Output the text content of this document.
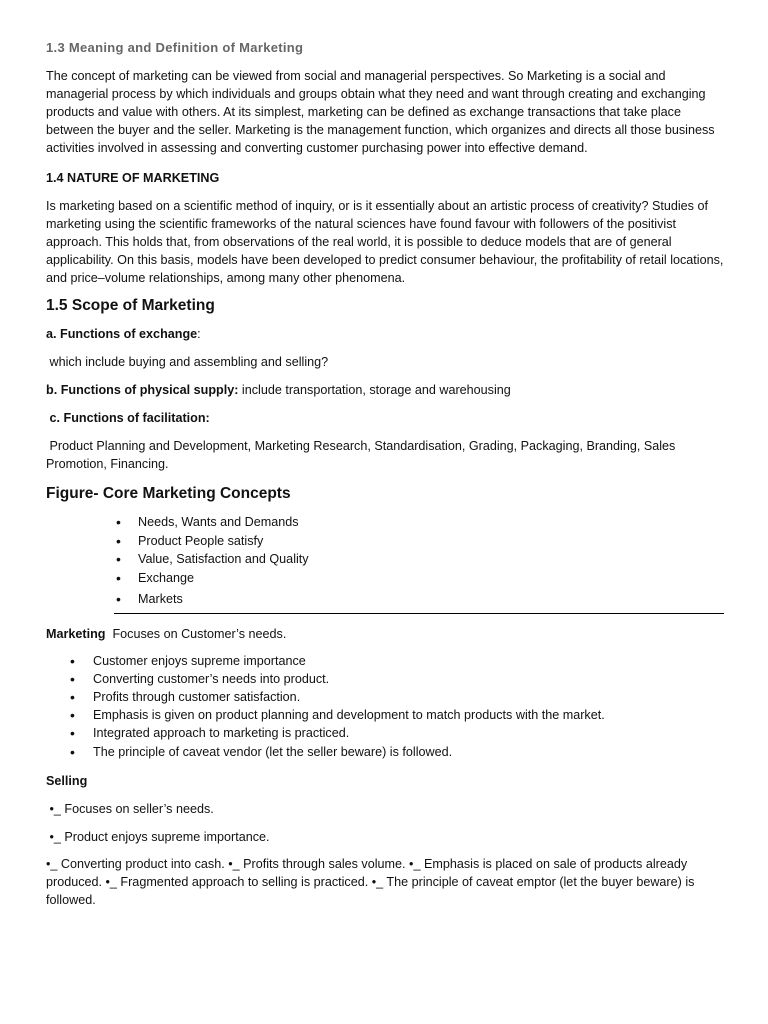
1.3 Meaning and Definition of Marketing

The concept of marketing can be viewed from social and managerial perspectives. So Marketing is a social and managerial process by which individuals and groups obtain what they need and want through creating and exchanging products and value with others. At its simplest, marketing can be defined as exchange transactions that take place between the buyer and the seller. Marketing is the management function, which organizes and directs all those business activities involved in assessing and converting customer purchasing power into effective demand.

1.4 NATURE OF MARKETING

Is marketing based on a scientific method of inquiry, or is it essentially about an artistic process of creativity? Studies of marketing using the scientific frameworks of the natural sciences have found favour with followers of the positivist approach. This holds that, from observations of the real world, it is possible to deduce models that are of general applicability. On this basis, models have been developed to predict consumer behaviour, the profitability of retail locations, and price–volume relationships, among many other phenomena.

1.5 Scope of Marketing

a. Functions of exchange:

which include buying and assembling and selling?

b. Functions of physical supply: include transportation, storage and warehousing

c. Functions of facilitation:

Product Planning and Development, Marketing Research, Standardisation, Grading, Packaging, Branding, Sales Promotion, Financing.

Figure- Core Marketing Concepts
• Needs, Wants and Demands
• Product People satisfy
• Value, Satisfaction and Quality
• Exchange
• Markets

Marketing  Focuses on Customer’s needs.

• Customer enjoys supreme importance
• Converting customer’s needs into product.
• Profits through customer satisfaction.
• Emphasis is given on product planning and development to match products with the market.
• Integrated approach to marketing is practiced.
• The principle of caveat vendor (let the seller beware) is followed.

Selling

•_ Focuses on seller’s needs.

•_ Product enjoys supreme importance.

•_ Converting product into cash. •_ Profits through sales volume. •_ Emphasis is placed on sale of products already produced. •_ Fragmented approach to selling is practiced. •_ The principle of caveat emptor (let the buyer beware) is followed.
